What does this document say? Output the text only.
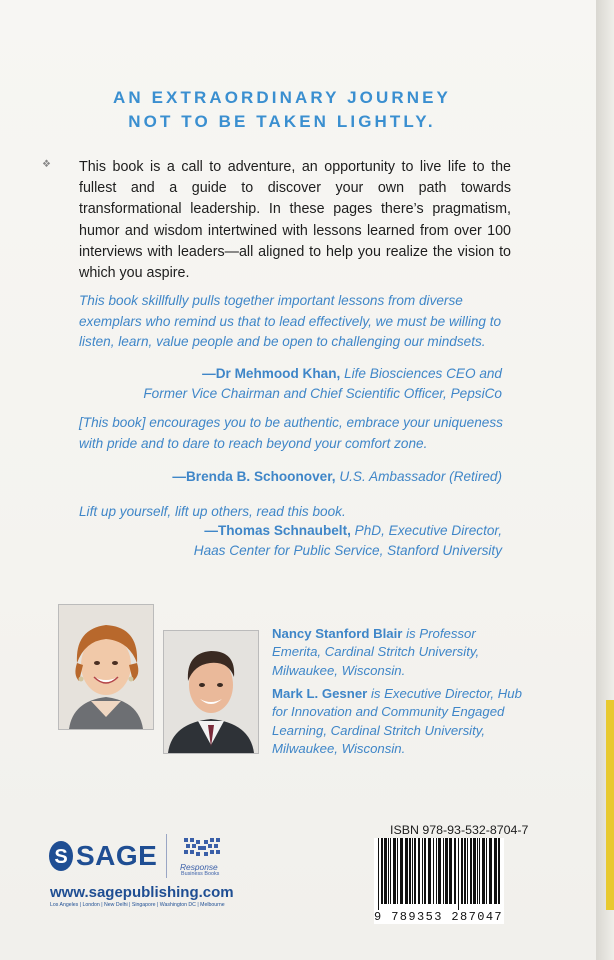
AN EXTRAORDINARY JOURNEY
NOT TO BE TAKEN LIGHTLY.
❖ This book is a call to adventure, an opportunity to live life to the fullest and a guide to discover your own path towards transformational leadership. In these pages there’s pragmatism, humor and wisdom intertwined with lessons learned from over 100 interviews with leaders—all aligned to help you realize the vision to which you aspire.
This book skillfully pulls together important lessons from diverse exemplars who remind us that to lead effectively, we must be willing to listen, learn, value people and be open to challenging our mindsets.
—Dr Mehmood Khan, Life Biosciences CEO and
Former Vice Chairman and Chief Scientific Officer, PepsiCo
[This book] encourages you to be authentic, embrace your uniqueness with pride and to dare to reach beyond your comfort zone.
—Brenda B. Schoonover, U.S. Ambassador (Retired)
Lift up yourself, lift up others, read this book.
—Thomas Schnaubelt, PhD, Executive Director,
Haas Center for Public Service, Stanford University
Nancy Stanford Blair is Professor Emerita, Cardinal Stritch University, Milwaukee, Wisconsin.
Mark L. Gesner is Executive Director, Hub for Innovation and Community Engaged Learning, Cardinal Stritch University, Milwaukee, Wisconsin.
ISBN 978-93-532-8704-7
9 789353 287047
S SAGE	Response
Business Books
www.sagepublishing.com
Los Angeles | London | New Delhi | Singapore | Washington DC | Melbourne
